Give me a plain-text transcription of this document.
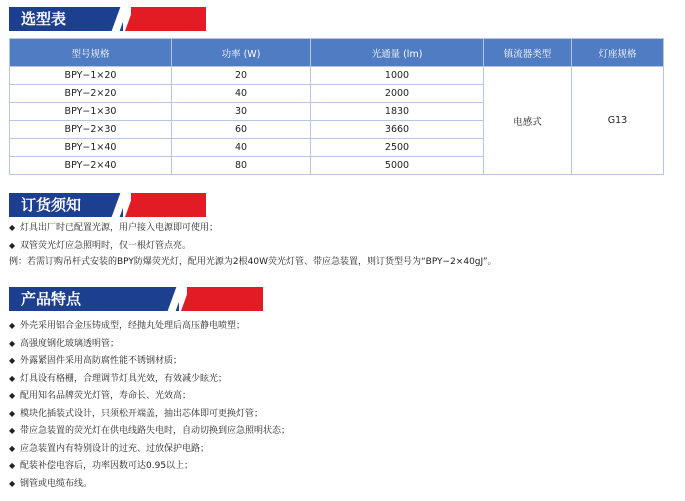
选型表
型号规格	功率 (W)	光通量 (lm)	镇流器类型	灯座规格
BPY−1×20	20	1000	电感式	G13
BPY−2×20	40	2000		
BPY−1×30	30	1830		
BPY−2×30	60	3660		
BPY−1×40	40	2500		
BPY−2×40	80	5000		
订货须知
◆ 灯具出厂时已配置光源，用户接入电源即可使用；
◆ 双管荧光灯应急照明时，仅一根灯管点亮。
例：若需订购吊杆式安装的BPY防爆荧光灯，配用光源为2根40W荧光灯管、带应急装置，则订货型号为“BPY−2×40gJ”。
产品特点
◆ 外壳采用铝合金压铸成型，经抛丸处理后高压静电喷塑；
◆ 高强度钢化玻璃透明管；
◆ 外露紧固件采用高防腐性能不锈钢材质；
◆ 灯具设有格栅，合理调节灯具光效，有效减少眩光；
◆ 配用知名品牌荧光灯管，寿命长、光效高；
◆ 模块化插装式设计，只须松开端盖，抽出芯体即可更换灯管；
◆ 带应急装置的荧光灯在供电线路失电时，自动切换到应急照明状态；
◆ 应急装置内有特别设计的过充、过放保护电路；
◆ 配装补偿电容后，功率因数可达0.95以上；
◆ 钢管或电缆布线。
